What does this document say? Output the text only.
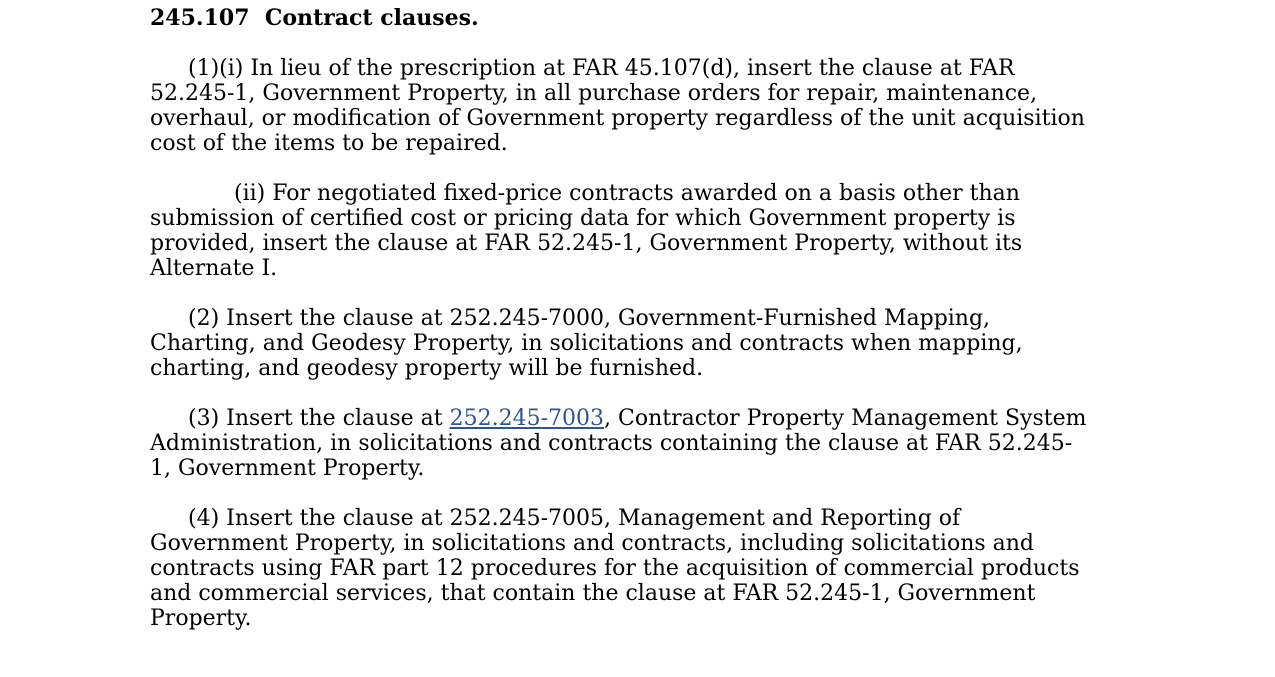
245.107 Contract clauses.
(1)(i) In lieu of the prescription at FAR 45.107(d), insert the clause at FAR
52.245-1, Government Property, in all purchase orders for repair, maintenance,
overhaul, or modification of Government property regardless of the unit acquisition
cost of the items to be repaired.
(ii) For negotiated fixed-price contracts awarded on a basis other than
submission of certified cost or pricing data for which Government property is
provided, insert the clause at FAR 52.245-1, Government Property, without its
Alternate I.
(2) Insert the clause at 252.245-7000, Government-Furnished Mapping,
Charting, and Geodesy Property, in solicitations and contracts when mapping,
charting, and geodesy property will be furnished.
(3) Insert the clause at 252.245-7003, Contractor Property Management System
Administration, in solicitations and contracts containing the clause at FAR 52.245-
1, Government Property.
(4) Insert the clause at 252.245-7005, Management and Reporting of
Government Property, in solicitations and contracts, including solicitations and
contracts using FAR part 12 procedures for the acquisition of commercial products
and commercial services, that contain the clause at FAR 52.245-1, Government
Property.
